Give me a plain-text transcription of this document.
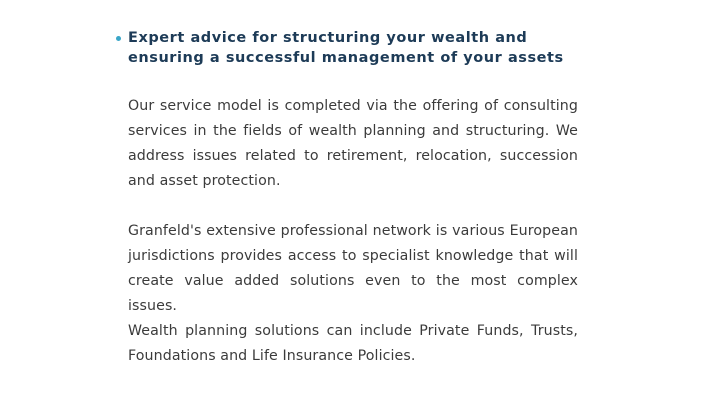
Expert advice for structuring your wealth and ensuring a successful management of your assets

Our service model is completed via the offering of consulting services in the fields of wealth planning and structuring. We address issues related to retirement, relocation, succession and asset protection.

Granfeld's extensive professional network is various European jurisdictions provides access to specialist knowledge that will create value added solutions even to the most complex issues.

Wealth planning solutions can include Private Funds, Trusts, Foundations and Life Insurance Policies.
